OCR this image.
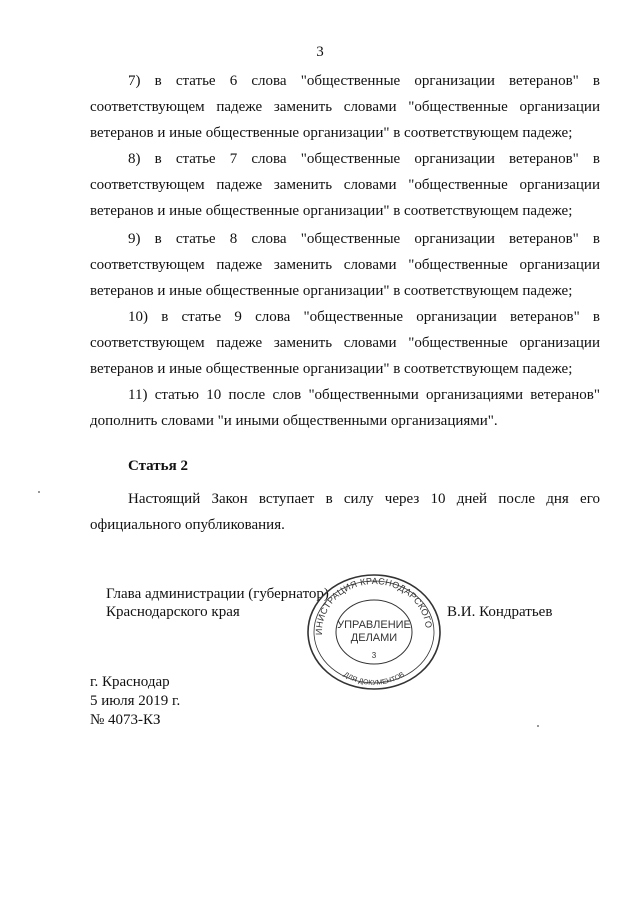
3

7) в статье 6 слова "общественные организации ветеранов" в соответствующем падеже заменить словами "общественные организации ветеранов и иные общественные организации" в соответствующем падеже;

8) в статье 7 слова "общественные организации ветеранов" в соответствующем падеже заменить словами "общественные организации ветеранов и иные общественные организации" в соответствующем падеже;

9) в статье 8 слова "общественные организации ветеранов" в соответствующем падеже заменить словами "общественные организации ветеранов и иные общественные организации" в соответствующем падеже;

10) в статье 9 слова "общественные организации ветеранов" в соответствующем падеже заменить словами "общественные организации ветеранов и иные общественные организации" в соответствующем падеже;

11) статью 10 после слов "общественными организациями ветеранов" дополнить словами "и иными общественными организациями".

Статья 2

Настоящий Закон вступает в силу через 10 дней после дня его официального опубликования.

Глава администрации (губернатор)
Краснодарского края	В.И. Кондратьев
ИНИСТРАЦИЯ КРАСНОДАРСКОГО
УПРАВЛЕНИЕ
ДЕЛАМИ
3
ДЛЯ ДОКУМЕНТОВ
г. Краснодар
5 июля 2019 г.
№ 4073-КЗ
